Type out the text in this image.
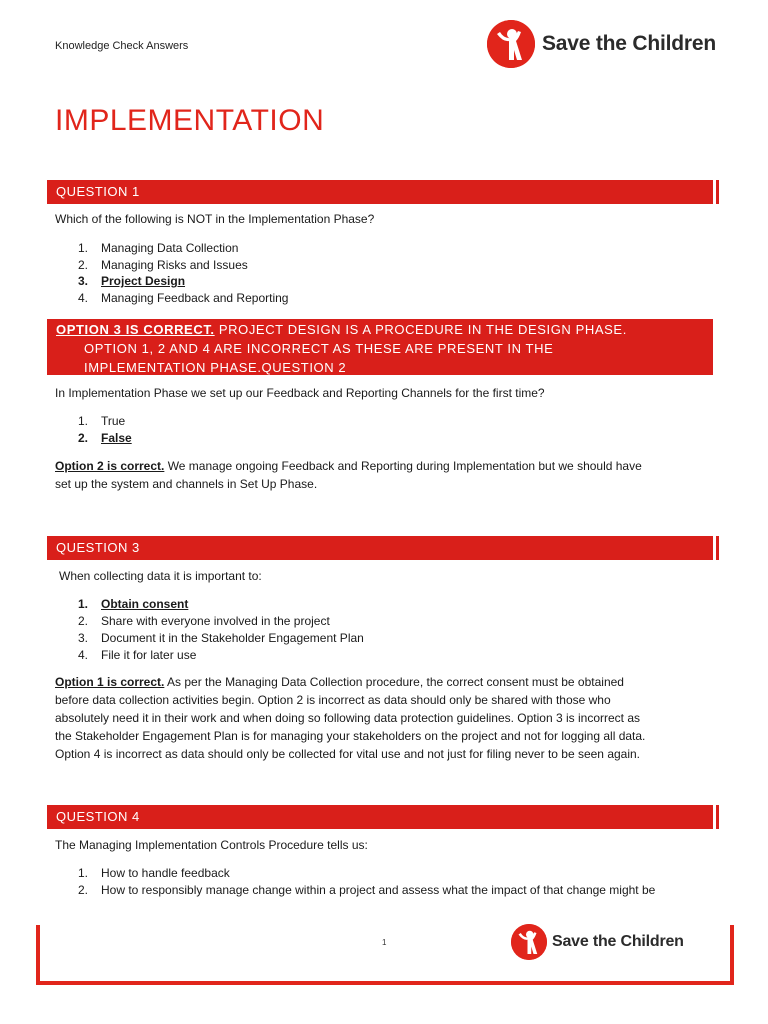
Knowledge Check Answers	Save the Children
IMPLEMENTATION
QUESTION 1
Which of the following is NOT in the Implementation Phase?
1. Managing Data Collection
2. Managing Risks and Issues
3. Project Design
4. Managing Feedback and Reporting
OPTION 3 IS CORRECT. PROJECT DESIGN IS A PROCEDURE IN THE DESIGN PHASE.
OPTION 1, 2 AND 4 ARE INCORRECT AS THESE ARE PRESENT IN THE
IMPLEMENTATION PHASE.QUESTION 2
In Implementation Phase we set up our Feedback and Reporting Channels for the first time?
1. True
2. False
Option 2 is correct. We manage ongoing Feedback and Reporting during Implementation but we should have
set up the system and channels in Set Up Phase.
QUESTION 3
When collecting data it is important to:
1. Obtain consent
2. Share with everyone involved in the project
3. Document it in the Stakeholder Engagement Plan
4. File it for later use
Option 1 is correct. As per the Managing Data Collection procedure, the correct consent must be obtained
before data collection activities begin. Option 2 is incorrect as data should only be shared with those who
absolutely need it in their work and when doing so following data protection guidelines. Option 3 is incorrect as
the Stakeholder Engagement Plan is for managing your stakeholders on the project and not for logging all data.
Option 4 is incorrect as data should only be collected for vital use and not just for filing never to be seen again.
QUESTION 4
The Managing Implementation Controls Procedure tells us:
1. How to handle feedback
2. How to responsibly manage change within a project and assess what the impact of that change might be
1	Save the Children
